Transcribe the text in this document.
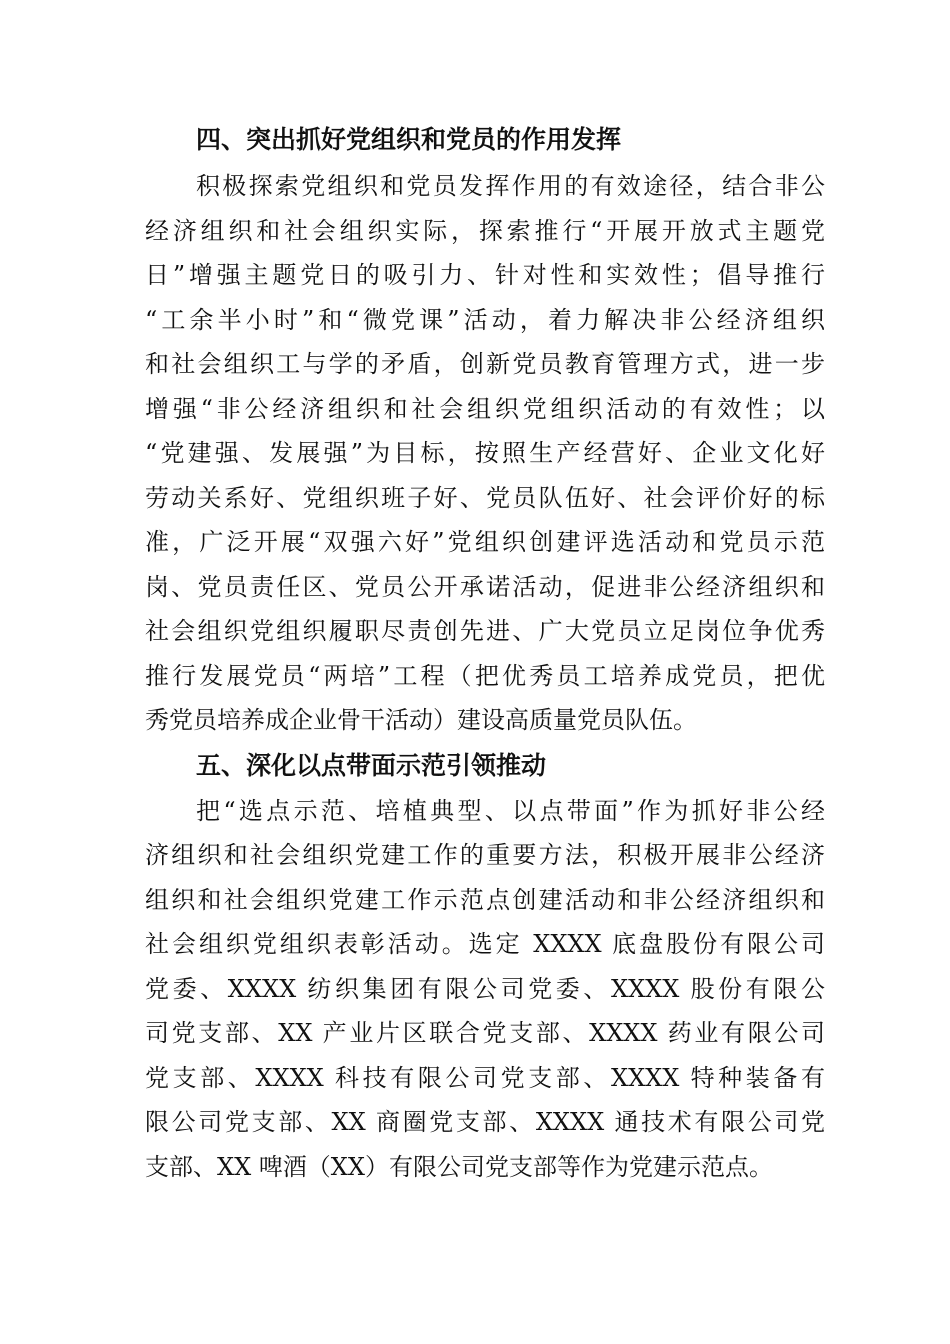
四、突出抓好党组织和党员的作用发挥
积极探索党组织和党员发挥作用的有效途径，结合非公
经济组织和社会组织实际，探索推行“开展开放式主题党
日”增强主题党日的吸引力、针对性和实效性；倡导推行
“工余半小时”和“微党课”活动，着力解决非公经济组织
和社会组织工与学的矛盾，创新党员教育管理方式，进一步
增强“非公经济组织和社会组织党组织活动的有效性；以
“党建强、发展强”为目标，按照生产经营好、企业文化好
劳动关系好、党组织班子好、党员队伍好、社会评价好的标
准，广泛开展“双强六好”党组织创建评选活动和党员示范
岗、党员责任区、党员公开承诺活动，促进非公经济组织和
社会组织党组织履职尽责创先进、广大党员立足岗位争优秀
推行发展党员“两培”工程（把优秀员工培养成党员，把优
秀党员培养成企业骨干活动）建设高质量党员队伍。
五、深化以点带面示范引领推动
把“选点示范、培植典型、以点带面”作为抓好非公经
济组织和社会组织党建工作的重要方法，积极开展非公经济
组织和社会组织党建工作示范点创建活动和非公经济组织和
社会组织党组织表彰活动。选定 XXXX 底盘股份有限公司
党委、XXXX 纺织集团有限公司党委、XXXX 股份有限公
司党支部、XX 产业片区联合党支部、XXXX 药业有限公司
党支部、XXXX 科技有限公司党支部、XXXX 特种装备有
限公司党支部、XX 商圈党支部、XXXX 通技术有限公司党
支部、XX 啤酒（XX）有限公司党支部等作为党建示范点。
